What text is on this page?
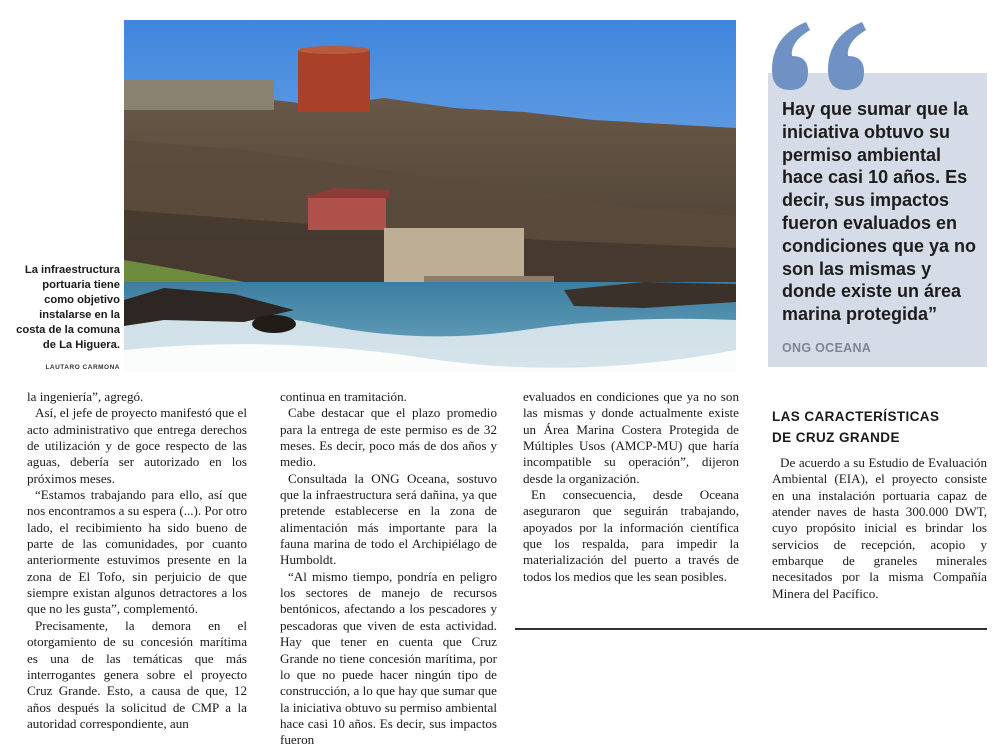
La infraestructura portuaria tiene como objetivo instalarse en la costa de la comuna de La Higuera.
LAUTARO CARMONA
Hay que sumar que la iniciativa obtuvo su permiso ambiental hace casi 10 años. Es decir, sus impactos fueron evaluados en condiciones que ya no son las mismas y donde existe un área marina protegida”
ONG OCEANA

la ingeniería”, agregó.

Así, el jefe de proyecto manifestó que el acto administrativo que entrega derechos de utilización y de goce respecto de las aguas, debería ser autorizado en los próximos meses.

“Estamos trabajando para ello, así que nos encontramos a su espera (...). Por otro lado, el recibimiento ha sido bueno de parte de las comunidades, por cuanto anteriormente estuvimos presente en la zona de El Tofo, sin perjuicio de que siempre existan algunos detractores a los que no les gusta”, complementó.

Precisamente, la demora en el otorgamiento de su concesión marítima es una de las temáticas que más interrogantes genera sobre el proyecto Cruz Grande. Esto, a causa de que, 12 años después la solicitud de CMP a la autoridad correspondiente, aun

continua en tramitación.

Cabe destacar que el plazo promedio para la entrega de este permiso es de 32 meses. Es decir, poco más de dos años y medio.

Consultada la ONG Oceana, sostuvo que la infraestructura será dañina, ya que pretende establecerse en la zona de alimentación más importante para la fauna marina de todo el Archipiélago de Humboldt.

“Al mismo tiempo, pondría en peligro los sectores de manejo de recursos bentónicos, afectando a los pescadores y pescadoras que viven de esta actividad. Hay que tener en cuenta que Cruz Grande no tiene concesión marítima, por lo que no puede hacer ningún tipo de construcción, a lo que hay que sumar que la iniciativa obtuvo su permiso ambiental hace casi 10 años. Es decir, sus impactos fueron

evaluados en condiciones que ya no son las mismas y donde actualmente existe un Área Marina Costera Protegida de Múltiples Usos (AMCP-MU) que haría incompatible su operación”, dijeron desde la organización.

En consecuencia, desde Oceana aseguraron que seguirán trabajando, apoyados por la información científica que los respalda, para impedir la materialización del puerto a través de todos los medios que les sean posibles.

LAS CARACTERÍSTICAS
DE CRUZ GRANDE

De acuerdo a su Estudio de Evaluación Ambiental (EIA), el proyecto consiste en una instalación portuaria capaz de atender naves de hasta 300.000 DWT, cuyo propósito inicial es brindar los servicios de recepción, acopio y embarque de graneles minerales necesitados por la misma Compañía Minera del Pacífico.
